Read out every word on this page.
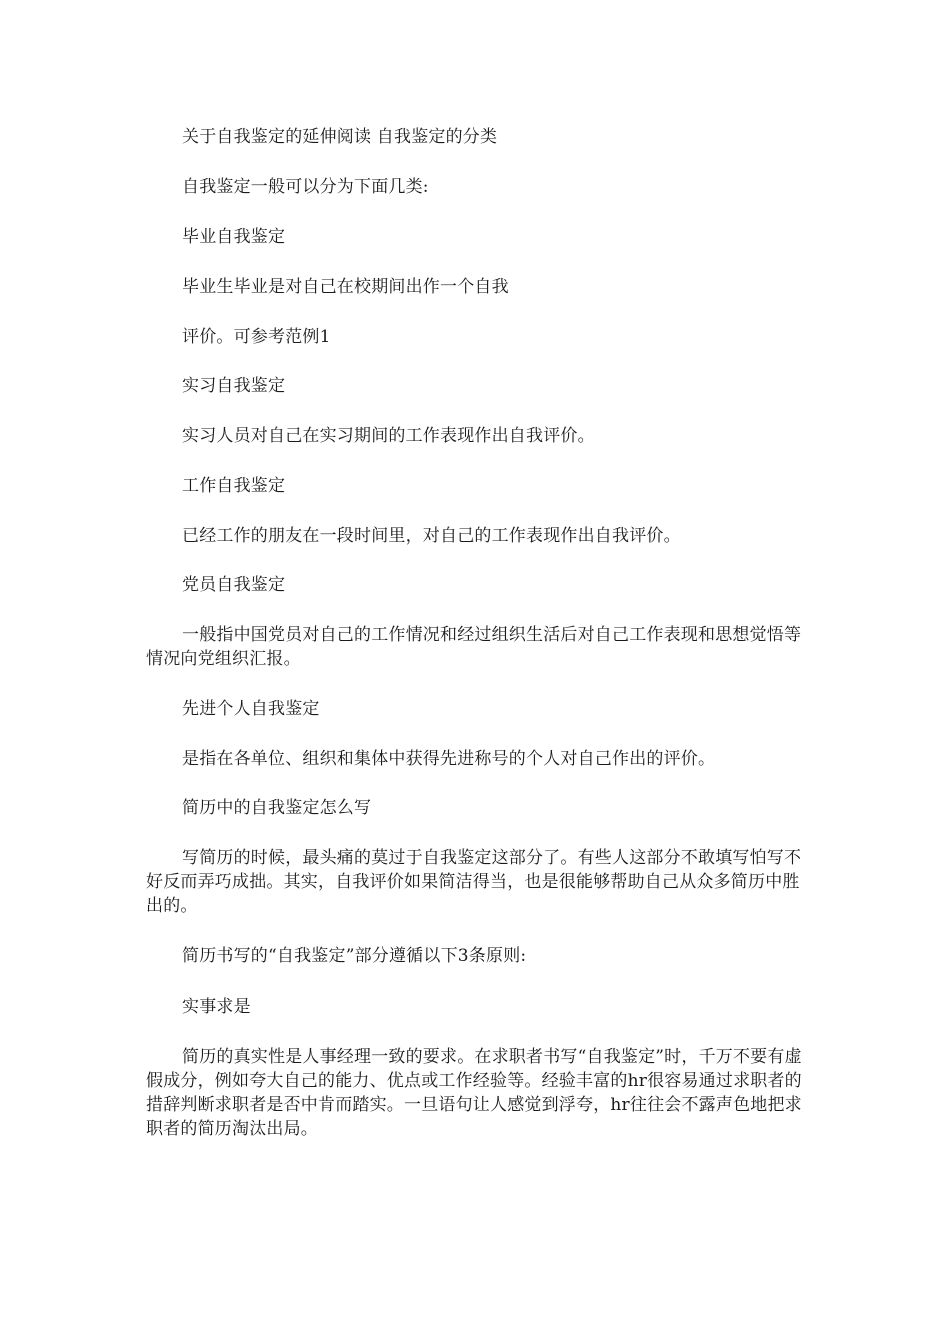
关于自我鉴定的延伸阅读 自我鉴定的分类

自我鉴定一般可以分为下面几类:

毕业自我鉴定

毕业生毕业是对自己在校期间出作一个自我

评价。可参考范例1

实习自我鉴定

实习人员对自己在实习期间的工作表现作出自我评价。

工作自我鉴定

已经工作的朋友在一段时间里，对自己的工作表现作出自我评价。

党员自我鉴定

一般指中国党员对自己的工作情况和经过组织生活后对自己工作表现和思想觉悟等情况向党组织汇报。

先进个人自我鉴定

是指在各单位、组织和集体中获得先进称号的个人对自己作出的评价。

简历中的自我鉴定怎么写

写简历的时候，最头痛的莫过于自我鉴定这部分了。有些人这部分不敢填写怕写不好反而弄巧成拙。其实，自我评价如果简洁得当，也是很能够帮助自己从众多简历中胜出的。

简历书写的“自我鉴定”部分遵循以下3条原则:

实事求是

简历的真实性是人事经理一致的要求。在求职者书写“自我鉴定”时，千万不要有虚假成分，例如夸大自己的能力、优点或工作经验等。经验丰富的hr很容易通过求职者的措辞判断求职者是否中肯而踏实。一旦语句让人感觉到浮夸，hr往往会不露声色地把求职者的简历淘汰出局。
